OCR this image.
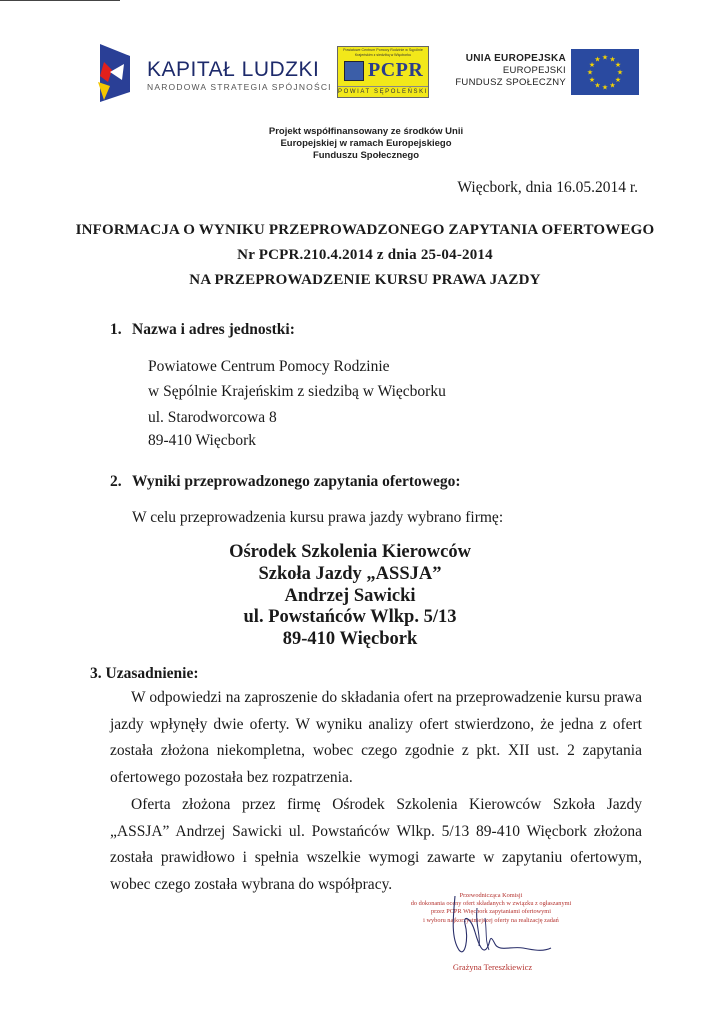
KAPITAŁ LUDZKI
NARODOWA STRATEGIA SPÓJNOŚCI
Powiatowe Centrum Pomocy Rodzinie w Sępólnie Krajeńskim z siedzibą w Więcborku
PCPR
POWIAT SĘPOLEŃSKI
UNIA EUROPEJSKA
EUROPEJSKI
FUNDUSZ SPOŁECZNY
★ ★
★
★
★
★
★
★
★
★
★
★
Projekt współfinansowany ze środków Unii
Europejskiej w ramach Europejskiego
Funduszu Społecznego
Więcbork, dnia 16.05.2014 r.
INFORMACJA O WYNIKU PRZEPROWADZONEGO ZAPYTANIA OFERTOWEGO
Nr PCPR.210.4.2014 z dnia 25-04-2014
NA PRZEPROWADZENIE KURSU PRAWA JAZDY
1. Nazwa i adres jednostki:
Powiatowe Centrum Pomocy Rodzinie
w Sępólnie Krajeńskim z siedzibą w Więcborku
ul. Starodworcowa 8
89-410 Więcbork
2. Wyniki przeprowadzonego zapytania ofertowego:
W celu przeprowadzenia kursu prawa jazdy wybrano firmę:
Ośrodek Szkolenia Kierowców
Szkoła Jazdy „ASSJA”
Andrzej Sawicki
ul. Powstańców Wlkp. 5/13
89-410 Więcbork
3. Uzasadnienie:
W odpowiedzi na zaproszenie do składania ofert na przeprowadzenie kursu prawa jazdy wpłynęły dwie oferty. W wyniku analizy ofert stwierdzono, że jedna z ofert została złożona niekompletna, wobec czego zgodnie z pkt. XII ust. 2 zapytania ofertowego pozostała bez rozpatrzenia.
Oferta złożona przez firmę Ośrodek Szkolenia Kierowców Szkoła Jazdy „ASSJA” Andrzej Sawicki ul. Powstańców Wlkp. 5/13 89-410 Więcbork złożona została prawidłowo i spełnia wszelkie wymogi zawarte w zapytaniu ofertowym, wobec czego została wybrana do współpracy.
Przewodnicząca Komisji
do dokonania oceny ofert składanych w związku z ogłaszanymi
przez PCPR Więcbork zapytaniami ofertowymi
i wyboru najkorzystniejszej oferty na realizację zadań
Grażyna Tereszkiewicz
